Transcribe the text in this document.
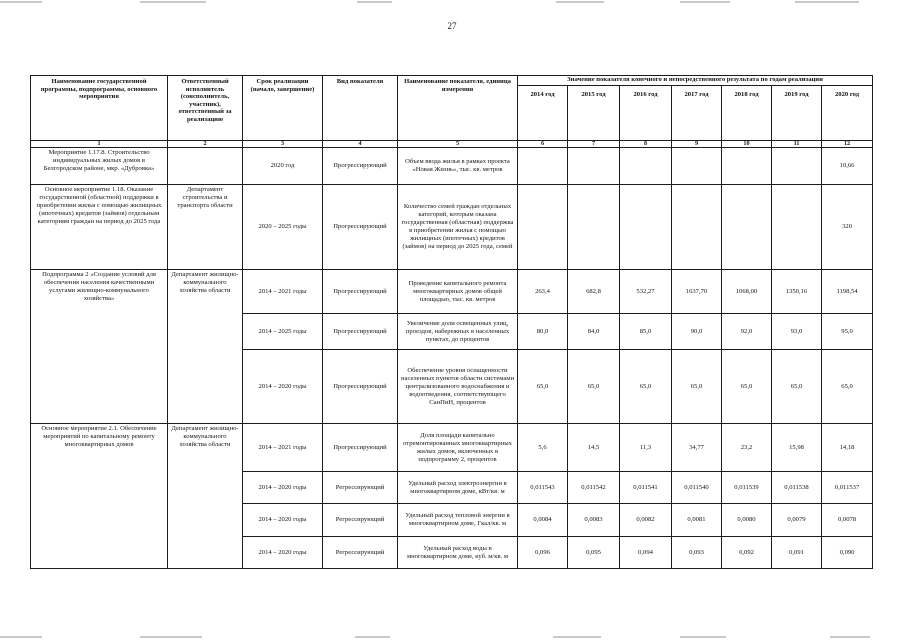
27
Наименование государственной программы, подпрограммы, основного мероприятия	Ответственный исполнитель (соисполнитель, участник), ответственный за реализацию	Срок реализации (начало, завершение)	Вид показателя	Наименование показателя, единица измерения	Значение показателя конечного и непосредственного результата по годам реализации						
					2014 год	2015 год	2016 год	2017 год	2018 год	2019 год	2020 год
1	2	3	4	5	6	7	8	9	10	11	12
Мероприятие 1.17.8. Строительство индивидуальных жилых домов в Белгородском районе, мкр. «Дубровка»		2020 год	Прогрессирующий	Объем ввода жилья в рамках проекта «Новая Жизнь», тыс. кв. метров							10,66
Основное мероприятие 1.18. Оказание государственной (областной) поддержки в приобретении жилья с помощью жилищных (ипотечных) кредитов (займов) отдельным категориям граждан на период до 2025 года	Департамент строительства и транспорта области	2020 – 2025 годы	Прогрессирующий	Количество семей граждан отдельных категорий, которым оказана государственная (областная) поддержка в приобретении жилья с помощью жилищных (ипотечных) кредитов (займов) на период до 2025 года, семей							320
Подпрограмма 2 «Создание условий для обеспечения населения качественными услугами жилищно-коммунального хозяйства»	Департамент жилищно-коммунального хозяйства области	2014 – 2021 годы	Прогрессирующий	Проведение капитального ремонта многоквартирных домов общей площадью, тыс. кв. метров	263,4	682,8	532,27	1637,70	1068,00	1350,16	1198,54
		2014 – 2025 годы	Прогрессирующий	Увеличение доли освещенных улиц, проездов, набережных в населенных пунктах, до процентов	80,0	84,0	85,0	90,0	92,0	93,0	95,0
		2014 – 2020 годы	Прогрессирующий	Обеспечение уровня оснащенности населенных пунктов области системами централизованного водоснабжения и водоотведения, соответствующего СанПиН, процентов	65,0	65,0	65,0	65,0	65,0	65,0	65,0
Основное мероприятие 2.1. Обеспечение мероприятий по капитальному ремонту многоквартирных домов	Департамент жилищно-коммунального хозяйства области	2014 – 2021 годы	Прогрессирующий	Доля площади капитально отремонтированных многоквартирных жилых домов, включенных в подпрограмму 2, процентов	5,6	14,5	11,3	34,77	23,2	15,98	14,18
		2014 – 2020 годы	Регрессирующий	Удельный расход электроэнергии в многоквартирном доме, кВт/кв. м	0,011543	0,011542	0,011541	0,011540	0,011539	0,011538	0,011537
		2014 – 2020 годы	Регрессирующий	Удельный расход тепловой энергии в многоквартирном доме, Гкал/кв. м	0,0084	0,0083	0,0082	0,0081	0,0080	0,0079	0,0078
		2014 – 2020 годы	Регрессирующий	Удельный расход воды в многоквартирном доме, куб. м/кв. м	0,096	0,095	0,094	0,093	0,092	0,091	0,090
